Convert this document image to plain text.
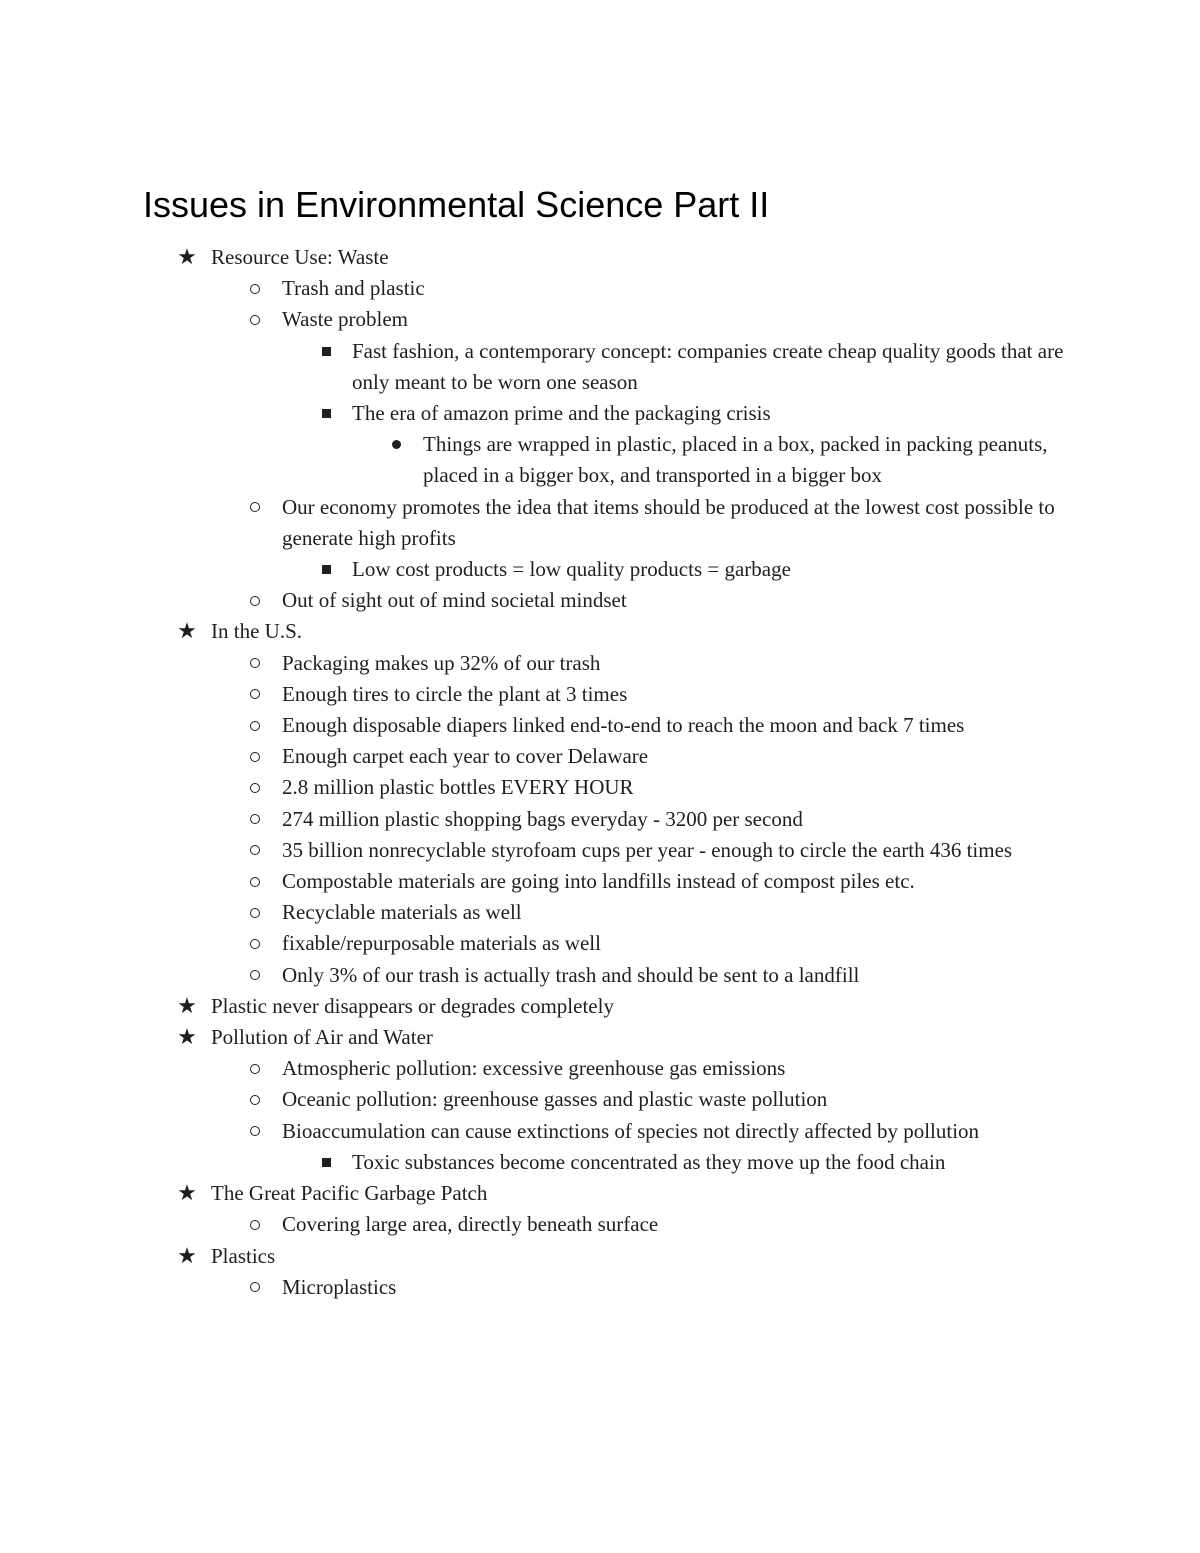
Issues in Environmental Science Part II
★ Resource Use: Waste
Trash and plastic
Waste problem
Fast fashion, a contemporary concept: companies create cheap quality goods that are only meant to be worn one season
The era of amazon prime and the packaging crisis
Things are wrapped in plastic, placed in a box, packed in packing peanuts, placed in a bigger box, and transported in a bigger box
Our economy promotes the idea that items should be produced at the lowest cost possible to generate high profits
Low cost products = low quality products = garbage
Out of sight out of mind societal mindset
★ In the U.S.
Packaging makes up 32% of our trash
Enough tires to circle the plant at 3 times
Enough disposable diapers linked end-to-end to reach the moon and back 7 times
Enough carpet each year to cover Delaware
2.8 million plastic bottles EVERY HOUR
274 million plastic shopping bags everyday - 3200 per second
35 billion nonrecyclable styrofoam cups per year - enough to circle the earth 436 times
Compostable materials are going into landfills instead of compost piles etc.
Recyclable materials as well
fixable/repurposable materials as well
Only 3% of our trash is actually trash and should be sent to a landfill
★ Plastic never disappears or degrades completely
★ Pollution of Air and Water
Atmospheric pollution: excessive greenhouse gas emissions
Oceanic pollution: greenhouse gasses and plastic waste pollution
Bioaccumulation can cause extinctions of species not directly affected by pollution
Toxic substances become concentrated as they move up the food chain
★ The Great Pacific Garbage Patch
Covering large area, directly beneath surface
★ Plastics
Microplastics
